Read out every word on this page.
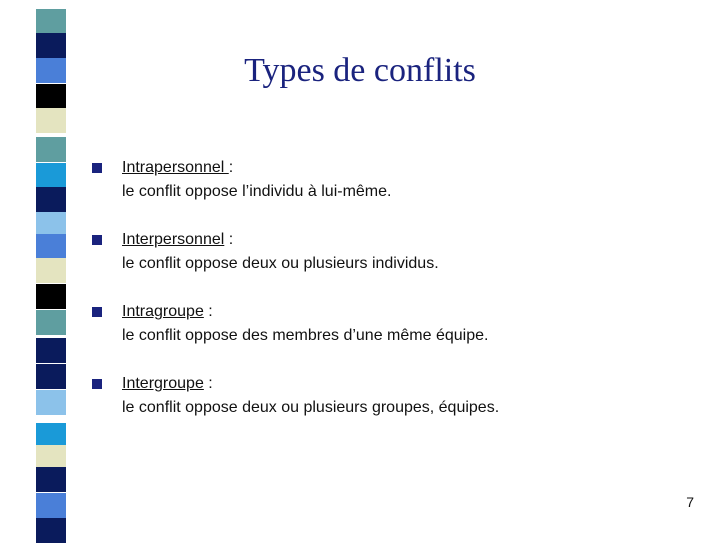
Types de conflits
Intrapersonnel :
le conflit oppose l’individu à lui-même.
Interpersonnel :
le conflit oppose deux ou plusieurs individus.
Intragroupe :
le conflit oppose des membres d’une même équipe.
Intergroupe :
le conflit oppose deux ou plusieurs groupes, équipes.
7
